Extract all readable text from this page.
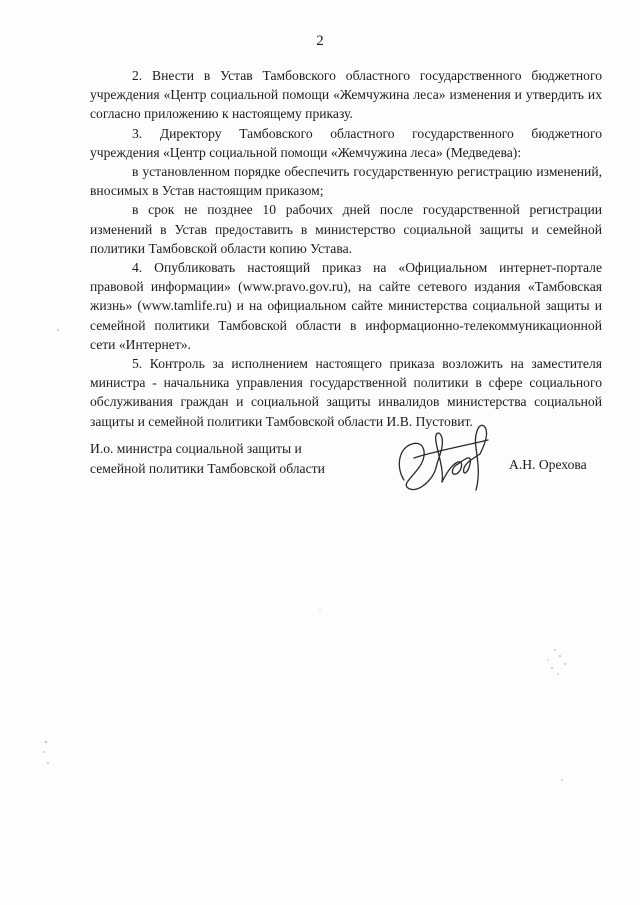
2

2. Внести в Устав Тамбовского областного государственного бюджетного учреждения «Центр социальной помощи «Жемчужина леса» изменения и утвердить их согласно приложению к настоящему приказу.

3. Директору Тамбовского областного государственного бюджетного учреждения «Центр социальной помощи «Жемчужина леса» (Медведева):

в установленном порядке обеспечить государственную регистрацию изменений, вносимых в Устав настоящим приказом;

в срок не позднее 10 рабочих дней после государственной регистрации изменений в Устав предоставить в министерство социальной защиты и семейной политики Тамбовской области копию Устава.

4. Опубликовать настоящий приказ на «Официальном интернет-портале правовой информации» (www.pravo.gov.ru), на сайте сетевого издания «Тамбовская жизнь» (www.tamlife.ru) и на официальном сайте министерства социальной защиты и семейной политики Тамбовской области в информационно-телекоммуникационной сети «Интернет».

5. Контроль за исполнением настоящего приказа возложить на заместителя министра - начальника управления государственной политики в сфере социального обслуживания граждан и социальной защиты инвалидов министерства социальной защиты и семейной политики Тамбовской области И.В. Пустовит.

И.о. министра социальной защиты и
семейной политики Тамбовской области	А.Н. Орехова
